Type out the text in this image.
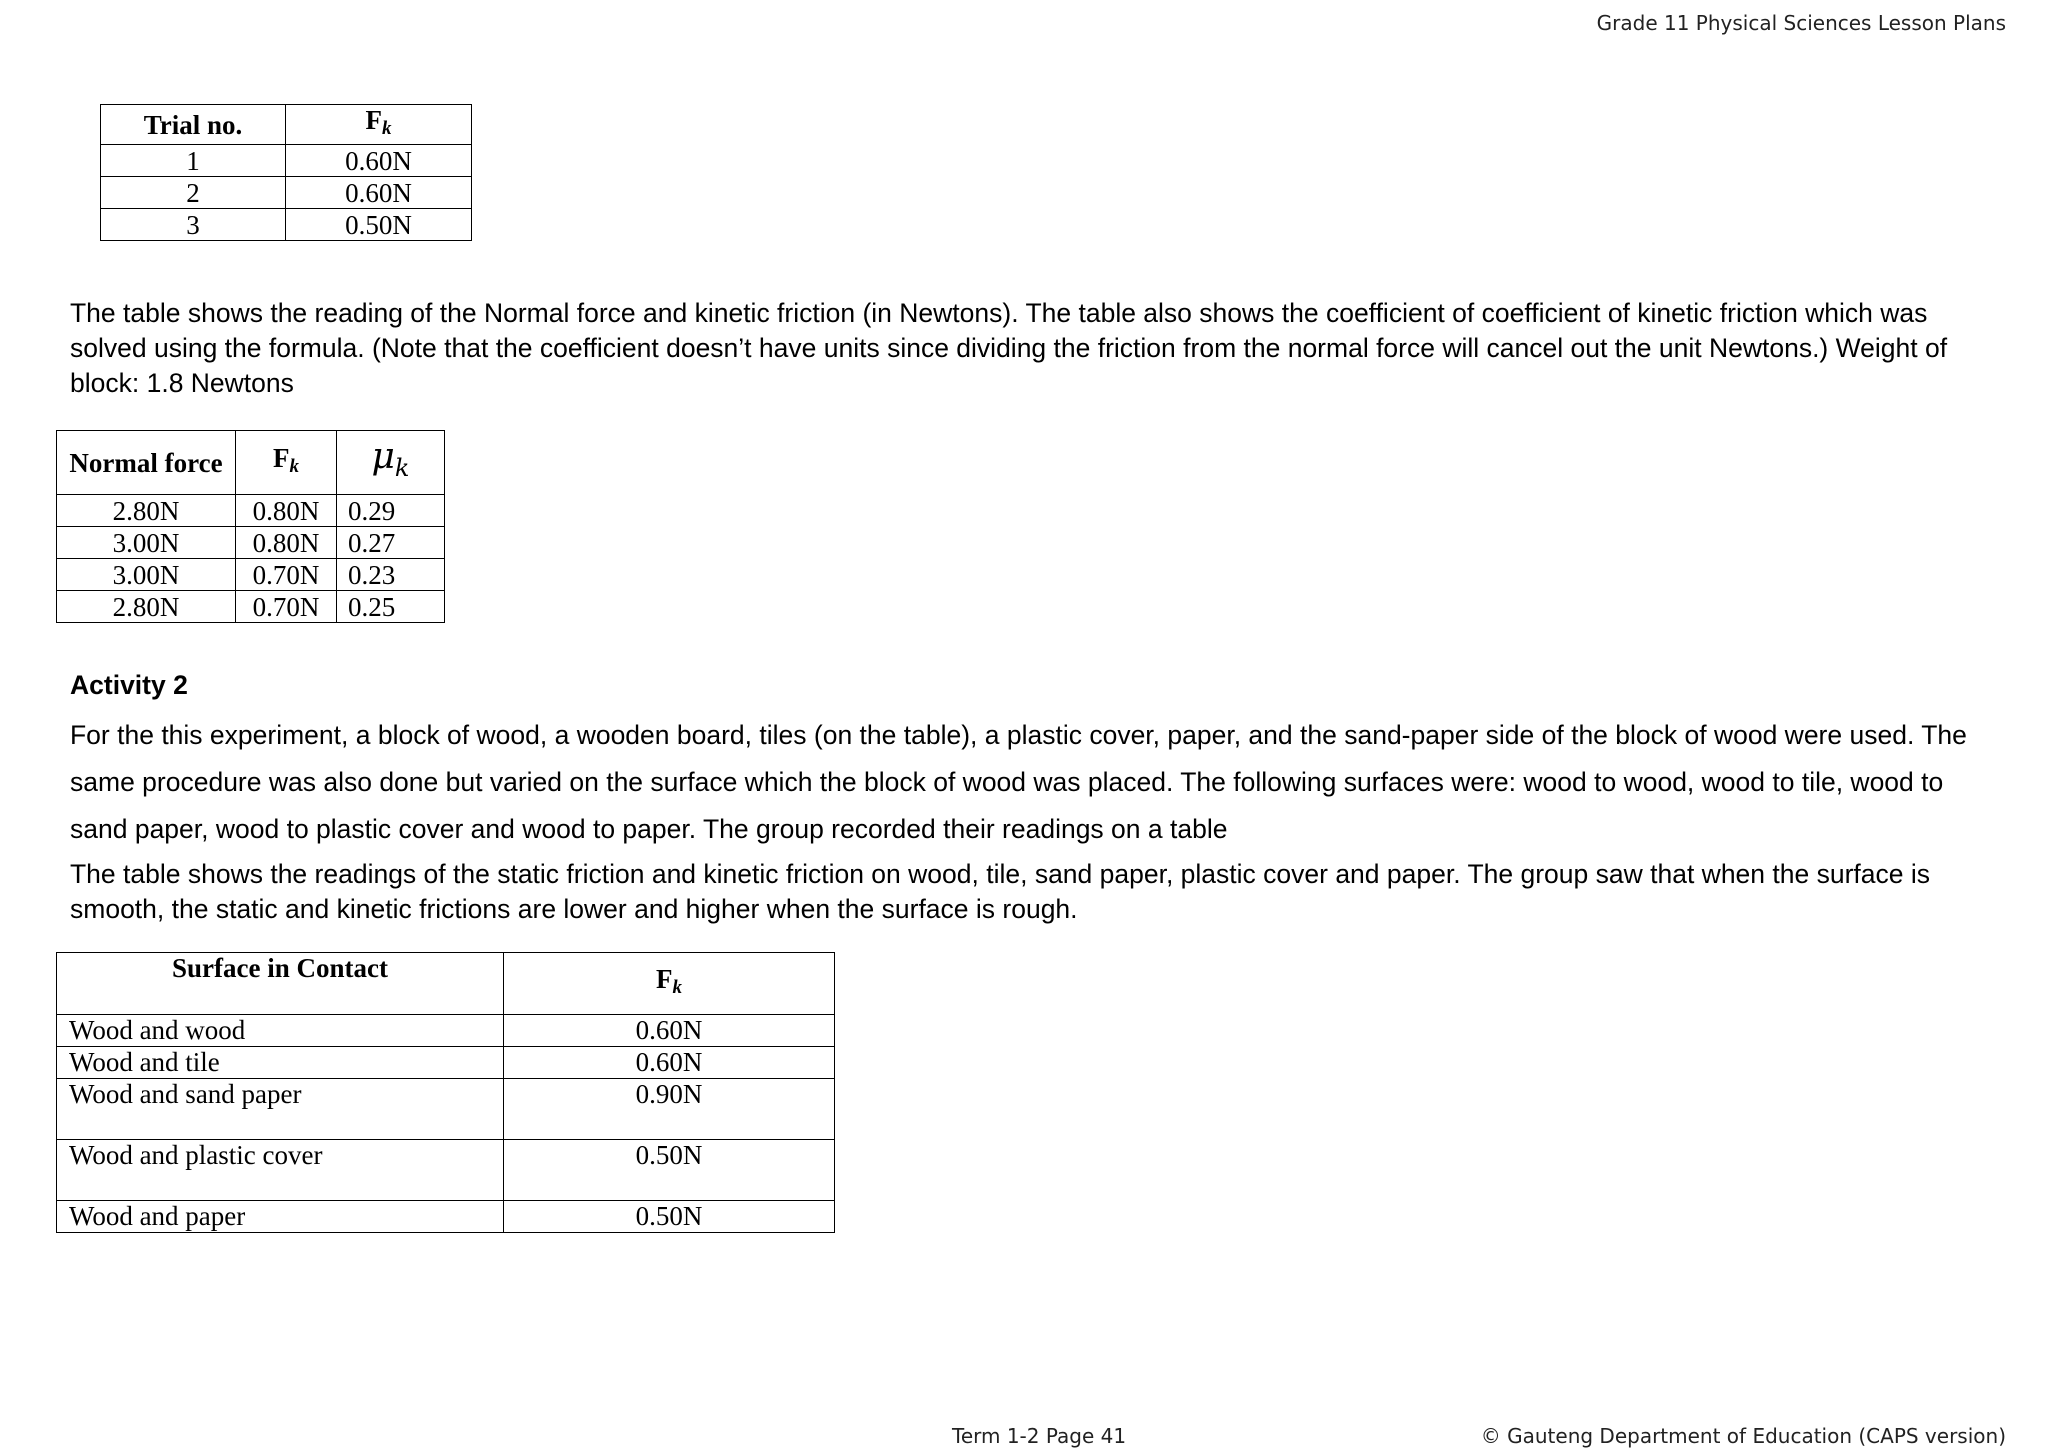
Grade 11 Physical Sciences Lesson Plans
Trial no.	Fk
1	0.60N
2	0.60N
3	0.50N

The table shows the reading of the Normal force and kinetic friction (in Newtons). The table also shows the coefficient of coefficient of kinetic friction which was solved using the formula. (Note that the coefficient doesn’t have units since dividing the friction from the normal force will cancel out the unit Newtons.) Weight of block: 1.8 Newtons

Normal force	Fk	$\mu_k$
2.80N	0.80N	0.29
3.00N	0.80N	0.27
3.00N	0.70N	0.23
2.80N	0.70N	0.25
Activity 2

For the this experiment, a block of wood, a wooden board, tiles (on the table), a plastic cover, paper, and the sand-paper side of the block of wood were used. The same procedure was also done but varied on the surface which the block of wood was placed. The following surfaces were: wood to wood, wood to tile, wood to sand paper, wood to plastic cover and wood to paper. The group recorded their readings on a table

The table shows the readings of the static friction and kinetic friction on wood, tile, sand paper, plastic cover and paper. The group saw that when the surface is smooth, the static and kinetic frictions are lower and higher when the surface is rough.

Surface in Contact	Fk
Wood and wood	0.60N
Wood and tile	0.60N
Wood and sand paper	0.90N
Wood and plastic cover	0.50N
Wood and paper	0.50N
Term 1-2 Page 41	© Gauteng Department of Education (CAPS version)
